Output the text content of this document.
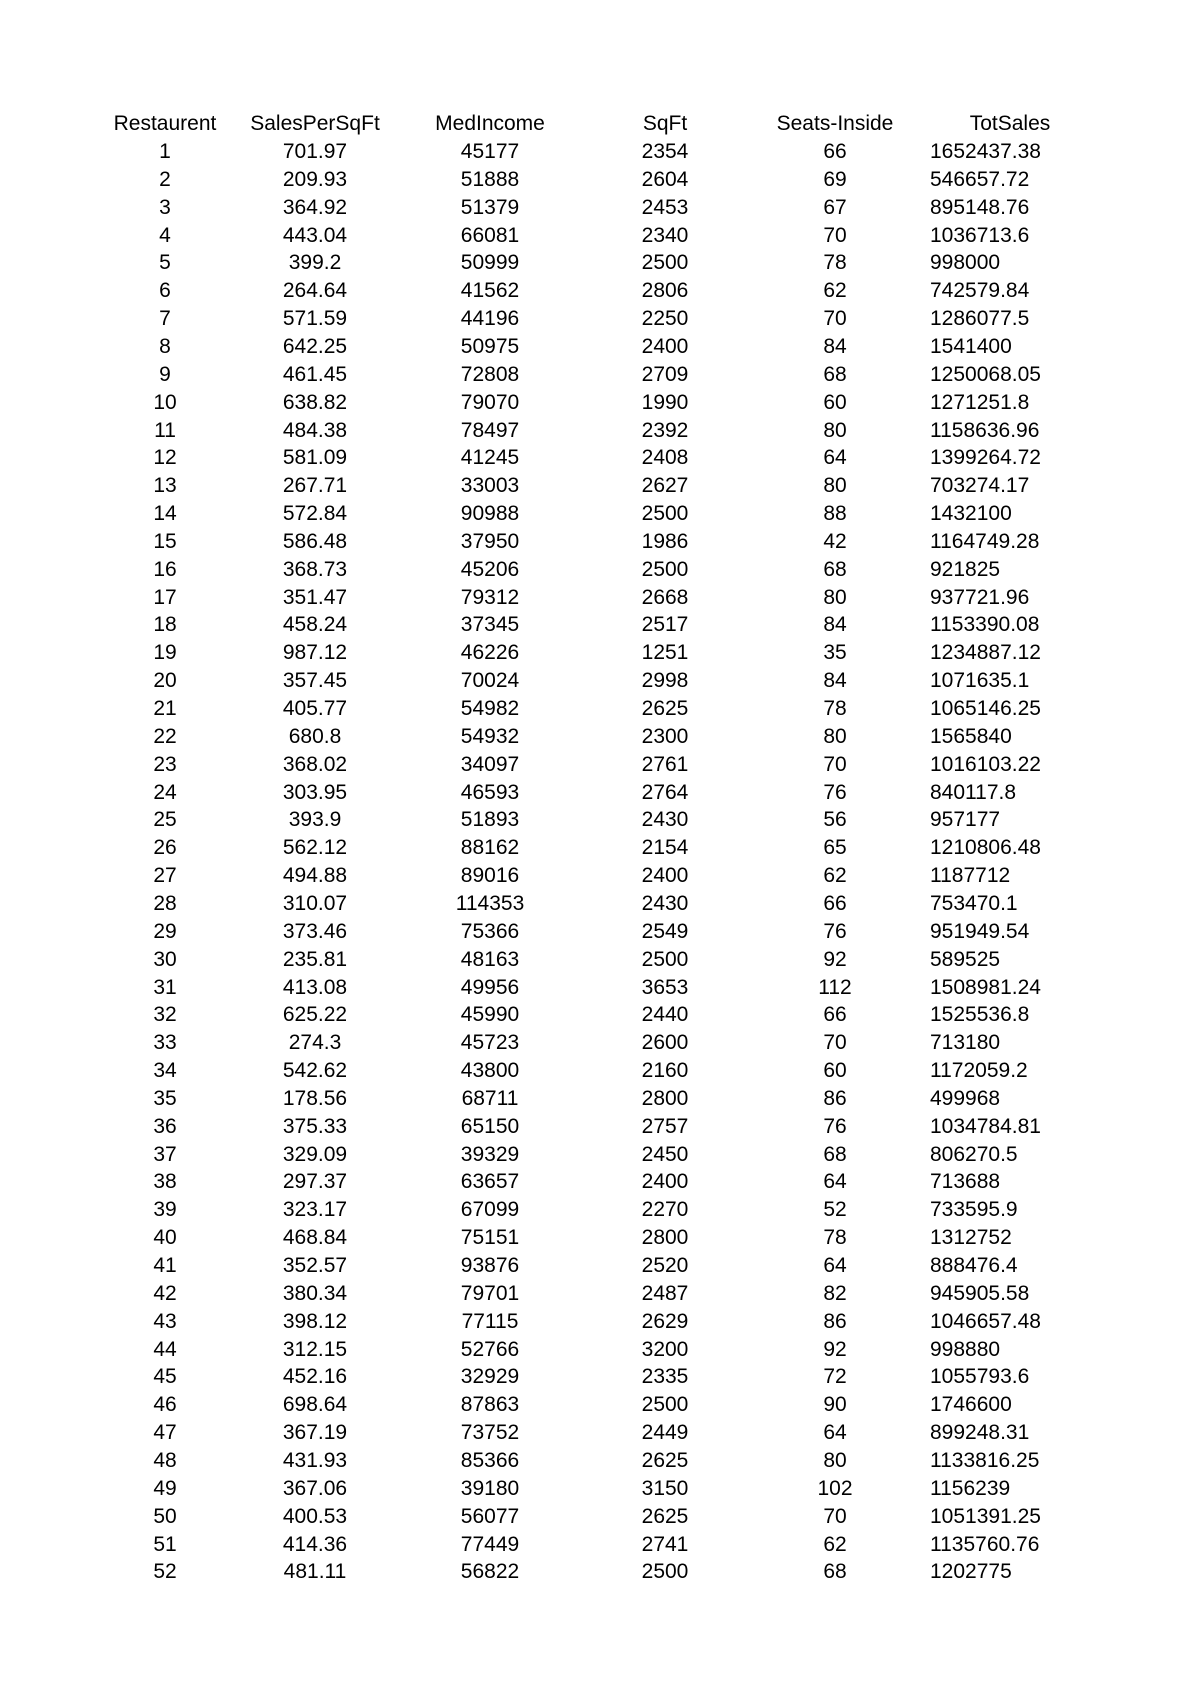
Restaurent	SalesPerSqFt	MedIncome	SqFt	Seats-Inside	TotSales
1	701.97	45177	2354	66	1652437.38
2	209.93	51888	2604	69	546657.72
3	364.92	51379	2453	67	895148.76
4	443.04	66081	2340	70	1036713.6
5	399.2	50999	2500	78	998000
6	264.64	41562	2806	62	742579.84
7	571.59	44196	2250	70	1286077.5
8	642.25	50975	2400	84	1541400
9	461.45	72808	2709	68	1250068.05
10	638.82	79070	1990	60	1271251.8
11	484.38	78497	2392	80	1158636.96
12	581.09	41245	2408	64	1399264.72
13	267.71	33003	2627	80	703274.17
14	572.84	90988	2500	88	1432100
15	586.48	37950	1986	42	1164749.28
16	368.73	45206	2500	68	921825
17	351.47	79312	2668	80	937721.96
18	458.24	37345	2517	84	1153390.08
19	987.12	46226	1251	35	1234887.12
20	357.45	70024	2998	84	1071635.1
21	405.77	54982	2625	78	1065146.25
22	680.8	54932	2300	80	1565840
23	368.02	34097	2761	70	1016103.22
24	303.95	46593	2764	76	840117.8
25	393.9	51893	2430	56	957177
26	562.12	88162	2154	65	1210806.48
27	494.88	89016	2400	62	1187712
28	310.07	114353	2430	66	753470.1
29	373.46	75366	2549	76	951949.54
30	235.81	48163	2500	92	589525
31	413.08	49956	3653	112	1508981.24
32	625.22	45990	2440	66	1525536.8
33	274.3	45723	2600	70	713180
34	542.62	43800	2160	60	1172059.2
35	178.56	68711	2800	86	499968
36	375.33	65150	2757	76	1034784.81
37	329.09	39329	2450	68	806270.5
38	297.37	63657	2400	64	713688
39	323.17	67099	2270	52	733595.9
40	468.84	75151	2800	78	1312752
41	352.57	93876	2520	64	888476.4
42	380.34	79701	2487	82	945905.58
43	398.12	77115	2629	86	1046657.48
44	312.15	52766	3200	92	998880
45	452.16	32929	2335	72	1055793.6
46	698.64	87863	2500	90	1746600
47	367.19	73752	2449	64	899248.31
48	431.93	85366	2625	80	1133816.25
49	367.06	39180	3150	102	1156239
50	400.53	56077	2625	70	1051391.25
51	414.36	77449	2741	62	1135760.76
52	481.11	56822	2500	68	1202775
